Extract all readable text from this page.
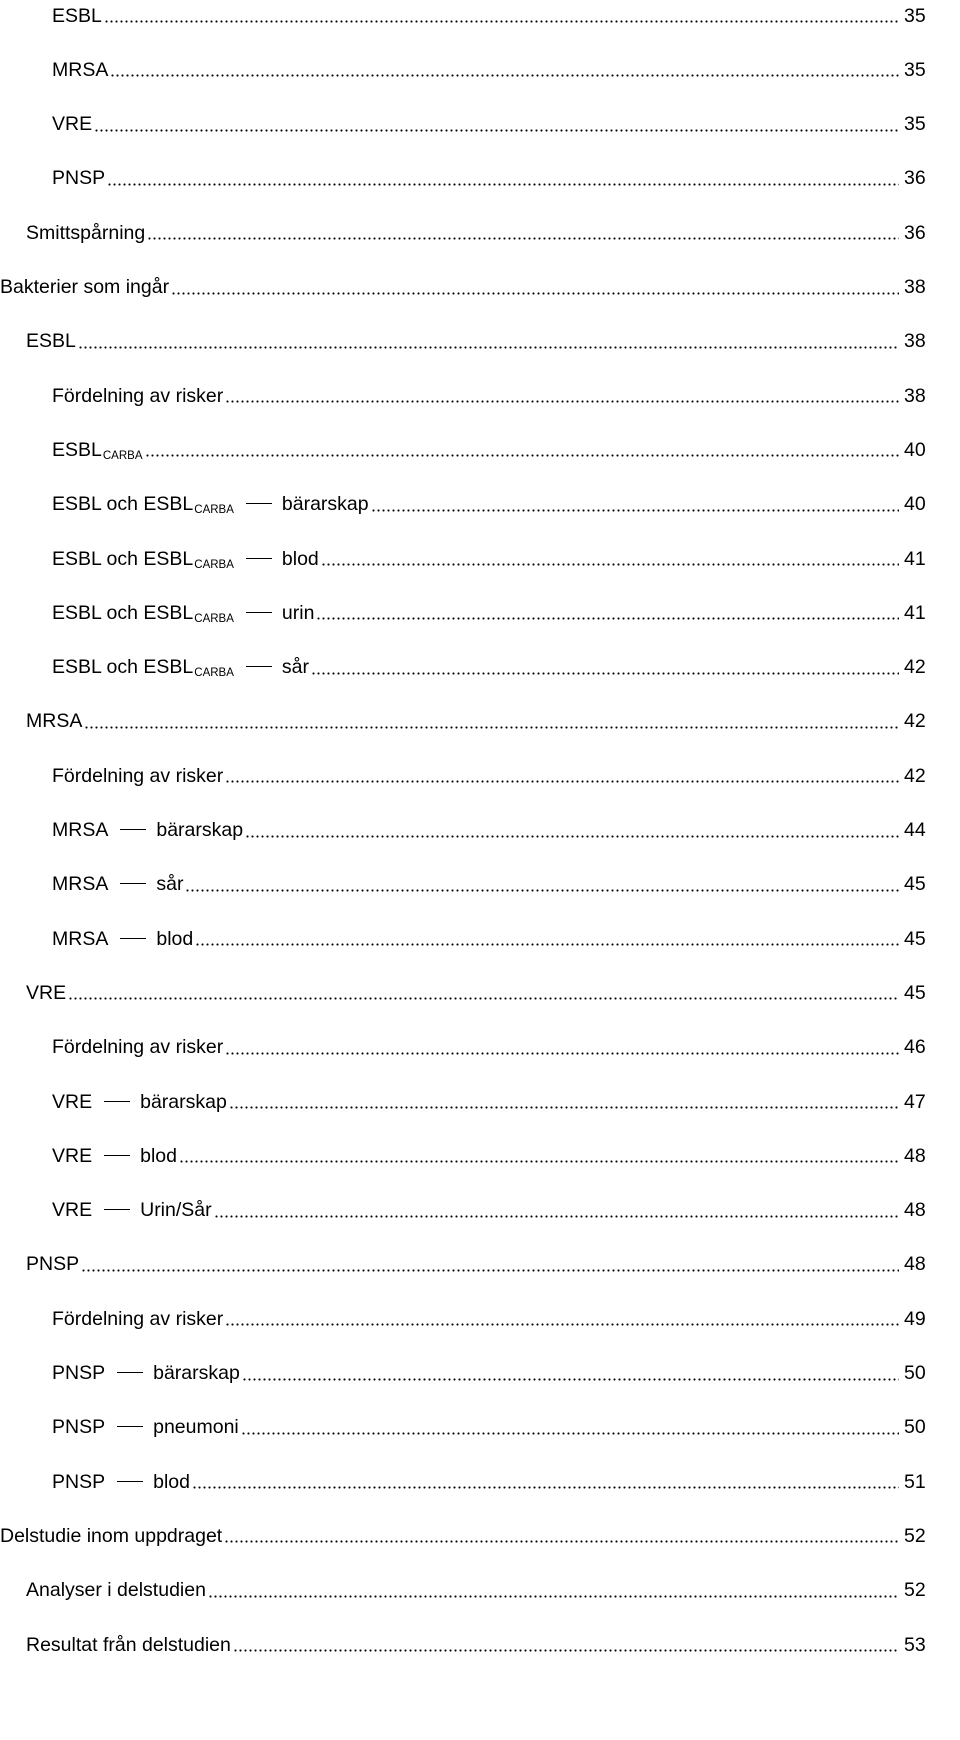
ESBL	35
MRSA	35
VRE	35
PNSP	36
Smittspårning	36
Bakterier som ingår	38
ESBL	38
Fördelning av risker	38
$ESBL_{CARBA}$	40
ESBL och $ESBL_{CARBA}$ bärarskap	40
ESBL och $ESBL_{CARBA}$ blod	41
ESBL och $ESBL_{CARBA}$ urin	41
ESBL och $ESBL_{CARBA}$ sår	42
MRSA	42
Fördelning av risker	42
MRSA bärarskap	44
MRSA sår	45
MRSA blod	45
VRE	45
Fördelning av risker	46
VRE bärarskap	47
VRE blod	48
VRE Urin/Sår	48
PNSP	48
Fördelning av risker	49
PNSP bärarskap	50
PNSP pneumoni	50
PNSP blod	51
Delstudie inom uppdraget	52
Analyser i delstudien	52
Resultat från delstudien	53
